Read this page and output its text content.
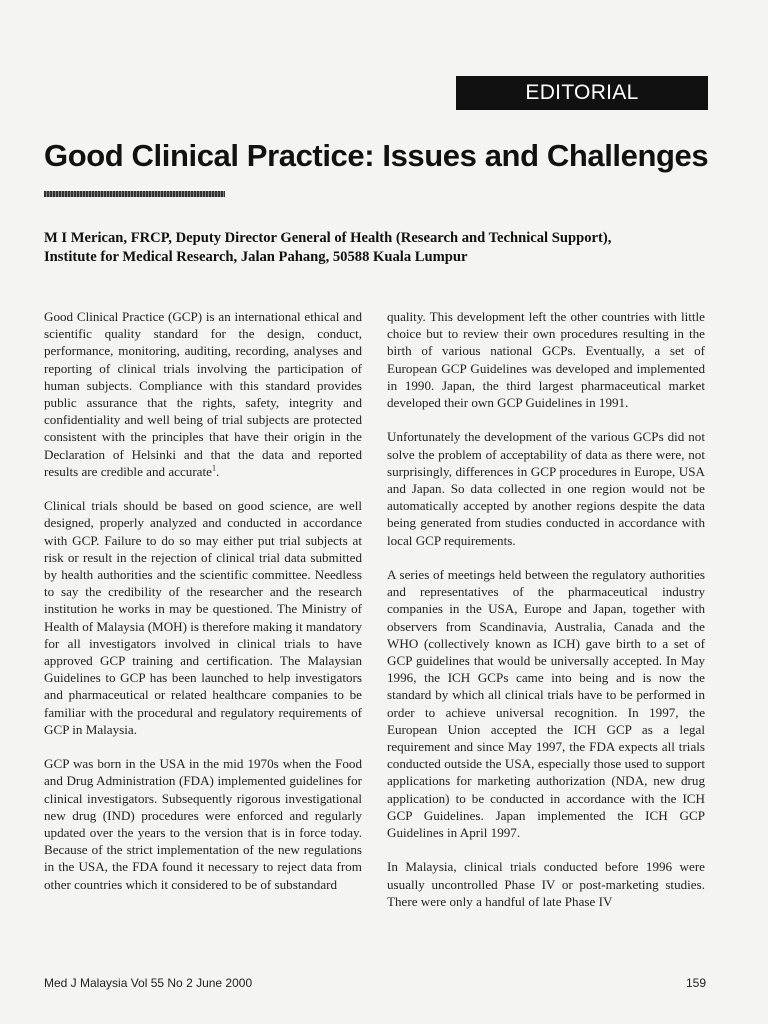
EDITORIAL
Good Clinical Practice: Issues and Challenges

M I Merican, FRCP, Deputy Director General of Health (Research and Technical Support),

Institute for Medical Research, Jalan Pahang, 50588 Kuala Lumpur

Good Clinical Practice (GCP) is an international ethical and scientific quality standard for the design, conduct, performance, monitoring, auditing, recording, analyses and reporting of clinical trials involving the participation of human subjects. Compliance with this standard provides public assurance that the rights, safety, integrity and confidentiality and well being of trial subjects are protected consistent with the principles that have their origin in the Declaration of Helsinki and that the data and reported results are credible and accurate$^1$.

Clinical trials should be based on good science, are well designed, properly analyzed and conducted in accordance with GCP. Failure to do so may either put trial subjects at risk or result in the rejection of clinical trial data submitted by health authorities and the scientific committee. Needless to say the credibility of the researcher and the research institution he works in may be questioned. The Ministry of Health of Malaysia (MOH) is therefore making it mandatory for all investigators involved in clinical trials to have approved GCP training and certification. The Malaysian Guidelines to GCP has been launched to help investigators and pharmaceutical or related healthcare companies to be familiar with the procedural and regulatory requirements of GCP in Malaysia.

GCP was born in the USA in the mid 1970s when the Food and Drug Administration (FDA) implemented guidelines for clinical investigators. Subsequently rigorous investigational new drug (IND) procedures were enforced and regularly updated over the years to the version that is in force today. Because of the strict implementation of the new regulations in the USA, the FDA found it necessary to reject data from other countries which it considered to be of substandard

quality. This development left the other countries with little choice but to review their own procedures resulting in the birth of various national GCPs. Eventually, a set of European GCP Guidelines was developed and implemented in 1990. Japan, the third largest pharmaceutical market developed their own GCP Guidelines in 1991.

Unfortunately the development of the various GCPs did not solve the problem of acceptability of data as there were, not surprisingly, differences in GCP procedures in Europe, USA and Japan. So data collected in one region would not be automatically accepted by another regions despite the data being generated from studies conducted in accordance with local GCP requirements.

A series of meetings held between the regulatory authorities and representatives of the pharmaceutical industry companies in the USA, Europe and Japan, together with observers from Scandinavia, Australia, Canada and the WHO (collectively known as ICH) gave birth to a set of GCP guidelines that would be universally accepted. In May 1996, the ICH GCPs came into being and is now the standard by which all clinical trials have to be performed in order to achieve universal recognition. In 1997, the European Union accepted the ICH GCP as a legal requirement and since May 1997, the FDA expects all trials conducted outside the USA, especially those used to support applications for marketing authorization (NDA, new drug application) to be conducted in accordance with the ICH GCP Guidelines. Japan implemented the ICH GCP Guidelines in April 1997.

In Malaysia, clinical trials conducted before 1996 were usually uncontrolled Phase IV or post-marketing studies. There were only a handful of late Phase IV

Med J Malaysia Vol 55 No 2 June 2000	159
